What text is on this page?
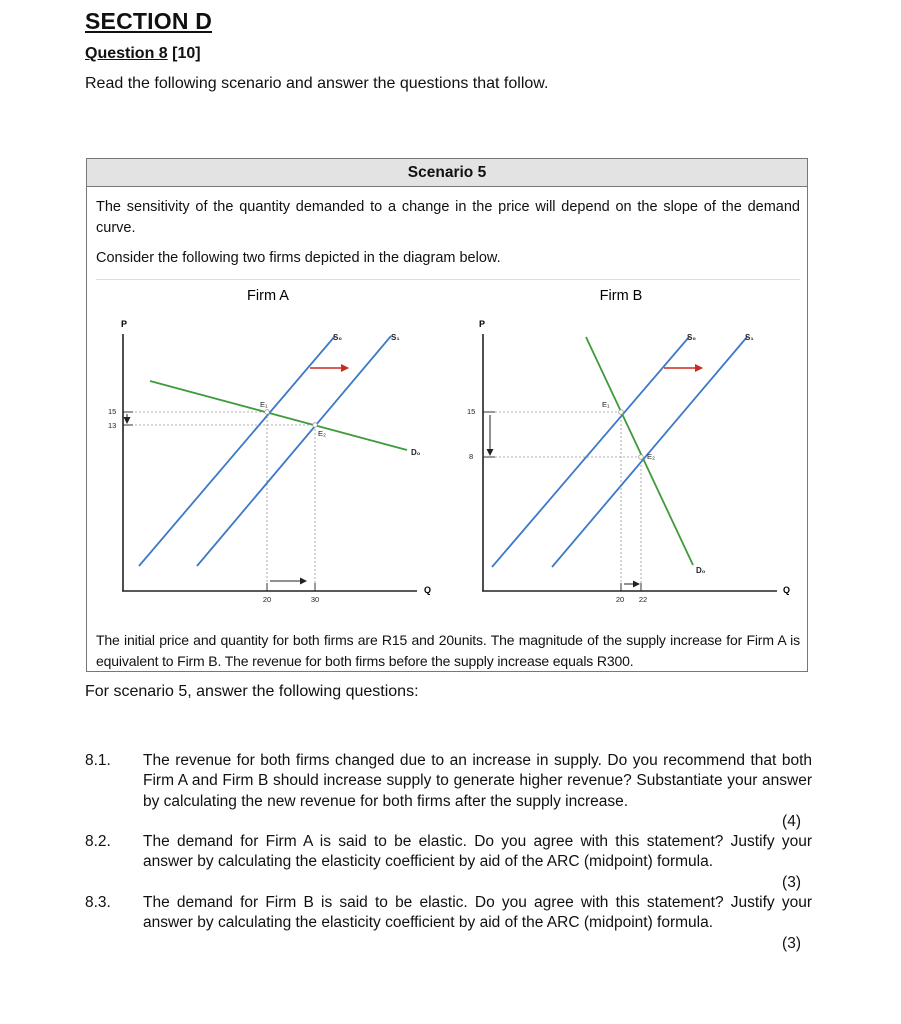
SECTION D
Question 8 [10]
Read the following scenario and answer the questions that follow.
Scenario 5
The sensitivity of the quantity demanded to a change in the price will depend on the slope of the demand curve.
Consider the following two firms depicted in the diagram below.
Firm A
P
Q
S₀	S₁
D₀
E₁
E₂
15
13
20	30
Firm B
P
Q
S₀	S₁
D₀
E₁
E₂
15
8
20 22
The initial price and quantity for both firms are R15 and 20units. The magnitude of the supply increase for Firm A is equivalent to Firm B. The revenue for both firms before the supply increase equals R300.
For scenario 5, answer the following questions:
8.1. The revenue for both firms changed due to an increase in supply. Do you recommend that both Firm A and Firm B should increase supply to generate higher revenue? Substantiate your answer by calculating the new revenue for both firms after the supply increase.
(4)
8.2. The demand for Firm A is said to be elastic. Do you agree with this statement? Justify your answer by calculating the elasticity coefficient by aid of the ARC (midpoint) formula.
(3)
8.3. The demand for Firm B is said to be elastic. Do you agree with this statement? Justify your answer by calculating the elasticity coefficient by aid of the ARC (midpoint) formula.
(3)
